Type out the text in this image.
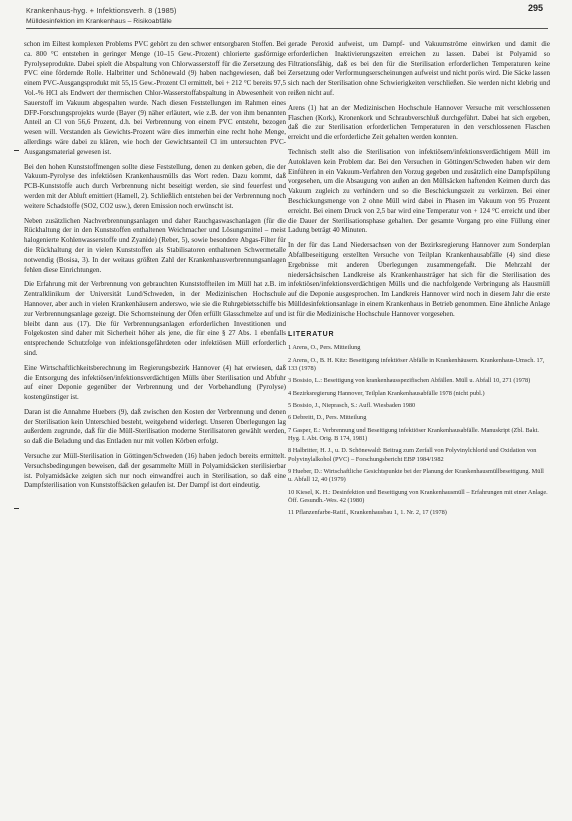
Krankenhaus-hyg. + Infektionsverh. 8 (1985)	295
Mülldesinfektion im Krankenhaus – Risikoabfälle

schon im Eiltest komplexen Problems PVC gehört zu den schwer entsorgbaren Stoffen. Bei ca. 800 °C entstehen in geringer Menge (10–15 Gew.-Prozent) chlorierte gasförmige Pyrolyseprodukte. Dabei spielt die Abspaltung von Chlorwasserstoff für die Zersetzung des PVC eine fördernde Rolle. Halbritter und Schönewald (9) haben nachgewiesen, daß bei einem PVC-Ausgangsprodukt mit 55,15 Gew.-Prozent Cl ermittelt, bei + 212 °C bereits 97,5 Vol.-% HCl als Endwert der thermischen Chlor-Wasserstoffabspaltung in Abwesenheit von Sauerstoff im Vakuum abgespalten wurde. Nach diesen Feststellungen im Rahmen eines DFP-Forschungsprojekts wurde (Bayer (9) näher erläutert, wie z.B. der von ihm benannten Anteil an Cl von 56,6 Prozent, d.h. bei Verbrennung von einem PVC entsteht, bezogen wesen will. Verstanden als Gewichts-Prozent wäre dies immerhin eine recht hohe Menge, allerdings wäre dabei zu klären, wie hoch der Gewichtsanteil Cl im untersuchten PVC-Ausgangsmaterial gewesen ist.

Bei den hohen Kunststoffmengen sollte diese Feststellung, denen zu denken geben, die der Vakuum-Pyrolyse des infektiösen Krankenhausmülls das Wort reden. Dazu kommt, daß PCB-Kunststoffe auch durch Verbrennung nicht beseitigt werden, sie sind feuerfest und werden mit der Abluft emittiert (Hamell, 2). Schließlich entstehen bei der Verbrennung noch weitere Schadstoffe (SO2, CO2 usw.), deren Emission noch erwünscht ist.

Neben zusätzlichen Nachverbrennungsanlagen und daher Rauchgaswaschanlagen (für die Rückhaltung der in den Kunststoffen enthaltenen Weichmacher und Lösungsmittel – meist halogenierte Kohlenwasserstoffe und Zyanide) (Reber, 5), sowie besondere Abgas-Filter für die Rückhaltung der in vielen Kunststoffen als Stabilisatoren enthaltenen Schwermetalle notwendig (Bosisa, 3). In der weitaus größten Zahl der Krankenhausverbrennungsanlagen fehlen diese Einrichtungen.

Die Erfahrung mit der Verbrennung von gebrauchten Kunststoffteilen im Müll hat z.B. im Zentralklinikum der Universität Lund/Schweden, in der Medizinischen Hochschule Hannover, aber auch in vielen Krankenhäusern anderswo, wie sie die Ruhrgebietsschiffe bis zur Verbrennungsanlage gezeigt. Die Schornsteinung der Öfen erfüllt Glasschmelze auf und bleibt dann aus (17). Die für Verbrennungsanlagen erforderlichen Investitionen und Folgekosten sind daher mit Sicherheit höher als jene, die für eine § 27 Abs. 1 ebenfalls entsprechende Schutzfolge von infektionsgefährdeten oder infektiösen Müll erforderlich sind.

Eine Wirtschaftlichkeitsberechnung im Regierungsbezirk Hannover (4) hat erwiesen, daß die Entsorgung des infektiösen/infektionsverdächtigen Mülls über Sterilisation und Abfuhr auf einer Deponie gegenüber der Verbrennung und der Vorbehandlung (Pyrolyse) kostengünstiger ist.

Daran ist die Annahme Huebers (9), daß zwischen den Kosten der Verbrennung und denen der Sterilisation kein Unterschied besteht, weitgehend widerlegt. Unseren Überlegungen lag außerdem zugrunde, daß für die Müll-Sterilisation moderne Sterilisatoren gewählt werden, so daß die Beladung und das Entladen nur mit vollen Körben erfolgt.

Versuche zur Müll-Sterilisation in Göttingen/Schweden (16) haben jedoch bereits ermittelt. Versuchsbedingungen beweisen, daß der gesammelte Müll in Polyamidsäcken sterilisierbar ist. Polyamidsäcke zeigten sich nur noch einwandfrei auch in Sterilisation, so daß eine Dampfsterilisation von Kunststoffsäcken gelaufen ist. Der Dampf ist dort eindeutig.

gerade Peroxid aufweist, um Dampf- und Vakuumströme einwirken und damit die erforderlichen Inaktivierungszeiten erreichen zu lassen. Dabei ist Polyamid so Filtrationsfähig, daß es bei den für die Sterilisation erforderlichen Temperaturen keine Zersetzung oder Verformungserscheinungen aufweist und nicht porös wird. Die Säcke lassen sich nach der Sterilisation ohne Schwierigkeiten verschließen. Sie werden nicht klebrig und reißen nicht auf.

Arens (1) hat an der Medizinischen Hochschule Hannover Versuche mit verschlossenen Flaschen (Kork), Kronenkork und Schraubverschluß durchgeführt. Dabei hat sich ergeben, daß die zur Sterilisation erforderlichen Temperaturen in den verschlossenen Flaschen erreicht und die erforderliche Zeit gehalten werden konnten.

Technisch stellt also die Sterilisation von infektiösem/infektionsverdächtigem Müll im Autoklaven kein Problem dar. Bei den Versuchen in Göttingen/Schweden haben wir dem Einführen in ein Vakuum-Verfahren den Vorzug gegeben und zusätzlich eine Dampfspülung vorgesehen, um die Absaugung von außen an den Müllsäcken haftenden Keimen durch das Vakuum zugleich zu verhindern und so die Beschickungszeit zu verkürzen. Bei einer Beschickungsmenge von 2 ohne Müll wird dabei in Phasen im Vakuum von 95 Prozent erreicht. Bei einem Druck von 2,5 bar wird eine Temperatur von + 124 °C erreicht und über die Dauer der Sterilisationsphase gehalten. Der gesamte Vorgang pro eine Füllung einer Ladung beträgt 40 Minuten.

In der für das Land Niedersachsen von der Bezirksregierung Hannover zum Sonderplan Abfallbeseitigung erstellten Versuche von Teilplan Krankenhausabfälle (4) sind diese Ergebnisse mit anderen Überlegungen zusammengefaßt. Die Mehrzahl der niedersächsischen Landkreise als Krankenhausträger hat sich für die Sterilisation des infektiösen/infektionsverdächtigen Mülls und die nachfolgende Verbringung als Hausmüll auf die Deponie ausgesprochen. Im Landkreis Hannover wird noch in diesem Jahr die erste Mülldesinfektionsanlage in einem Krankenhaus in Betrieb genommen. Eine ähnliche Anlage ist für die Medizinische Hochschule Hannover vorgesehen.

LITERATUR

1 Arens, O., Pers. Mitteilung
2 Arens, O., B. H. Kitz: Beseitigung infektiöser Abfälle in Krankenhäusern. Krankenhaus-Umsch. 17, 133 (1978)
3 Bosisio, L.: Beseitigung von krankenhausspezifischen Abfällen. Müll u. Abfall 10, 271 (1978)
4 Bezirksregierung Hannover, Teilplan Krankenhausabfälle 1978 (nicht publ.)
5 Bosisio, J., Nieprasch, S.: Aufl. Wiesbaden 1980
6 Debreitt, D., Pers. Mitteilung
7 Gasper, E.: Verbrennung und Beseitigung infektiöser Krankenhausabfälle. Manuskript (Zbl. Bakt. Hyg. I. Abt. Orig. B 174, 1981)
8 Halbritter, H. J., u. D. Schönewald: Beitrag zum Zerfall von Polyvinylchlorid und Oxidation von Polyvinylalkohol (PVC) – Forschungsbericht EBP 1984/1982
9 Hueber, D.: Wirtschaftliche Gesichtspunkte bei der Planung der Krankenhausmüllbeseitigung. Müll u. Abfall 12, 40 (1979)
10 Kiesel, K. H.: Desinfektion und Beseitigung von Krankenhausmüll – Erfahrungen mit einer Anlage. Öff. Gesundh.-Wes. 42 (1980)
11 Pflanzenfarbe-Ratif., Krankenhausbau 1, 1. Nr. 2, 17 (1978)
